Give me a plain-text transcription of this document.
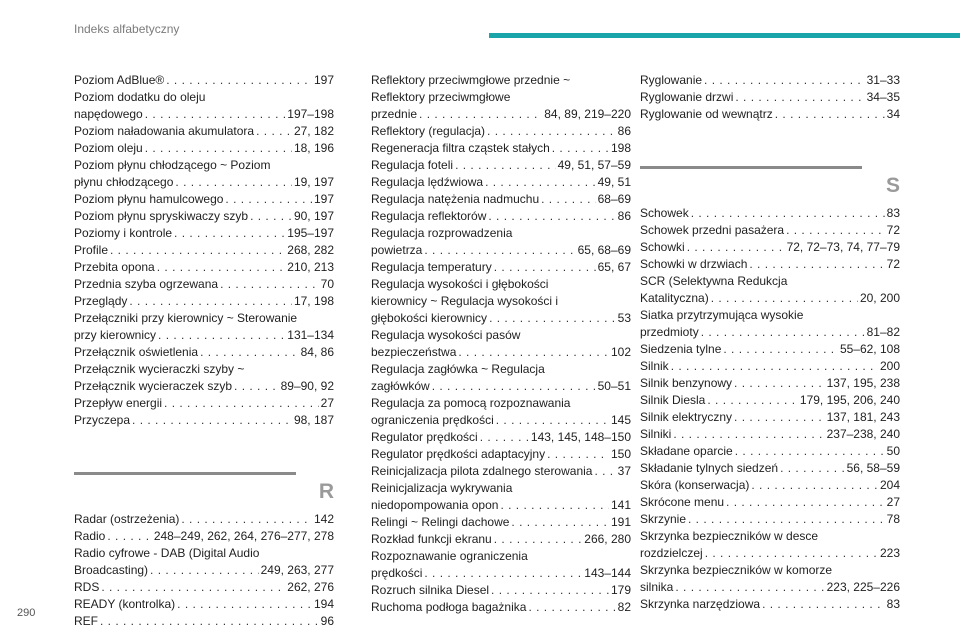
Indeks alfabetyczny
290
Poziom AdBlue® . . .	197
Poziom dodatku do oleju
napędowego . . .	197–198
Poziom naładowania akumulatora . . .	27, 182
Poziom oleju . . .	18, 196
Poziom płynu chłodzącego ~ Poziom
płynu chłodzącego . . .	19, 197
Poziom płynu hamulcowego . . .	197
Poziom płynu spryskiwaczy szyb . . .	90, 197
Poziomy i kontrole . . .	195–197
Profile . . .	268, 282
Przebita opona . . .	210, 213
Przednia szyba ogrzewana . . .	70
Przeglądy . . .	17, 198
Przełączniki przy kierownicy ~ Sterowanie
przy kierownicy . . .	131–134
Przełącznik oświetlenia . . .	84, 86
Przełącznik wycieraczki szyby ~
Przełącznik wycieraczek szyb . . .	89–90, 92
Przepływ energii . . .	27
Przyczepa . . .	98, 187
R
Radar (ostrzeżenia) . . .	142
Radio . . .	248–249, 262, 264, 276–277, 278
Radio cyfrowe - DAB (Digital Audio
Broadcasting) . . .	249, 263, 277
RDS . . .	262, 276
READY (kontrolka) . . .	194
REF . . .	96
Reflektory przeciwmgłowe przednie ~
Reflektory przeciwmgłowe
przednie . . .	84, 89, 219–220
Reflektory (regulacja) . . .	86
Regeneracja filtra cząstek stałych . . .	198
Regulacja foteli . . .	49, 51, 57–59
Regulacja lędźwiowa . . .	49, 51
Regulacja natężenia nadmuchu . . .	68–69
Regulacja reflektorów . . .	86
Regulacja rozprowadzenia
powietrza . . .	65, 68–69
Regulacja temperatury . . .	65, 67
Regulacja wysokości i głębokości
kierownicy ~ Regulacja wysokości i
głębokości kierownicy . . .	53
Regulacja wysokości pasów
bezpieczeństwa . . .	102
Regulacja zagłówka ~ Regulacja
zagłówków . . .	50–51
Regulacja za pomocą rozpoznawania
ograniczenia prędkości . . .	145
Regulator prędkości . . .	143, 145, 148–150
Regulator prędkości adaptacyjny . . .	150
Reinicjalizacja pilota zdalnego sterowania . . . 37
Reinicjalizacja wykrywania
niedopompowania opon . . .	141
Relingi ~ Relingi dachowe . . .	191
Rozkład funkcji ekranu . . .	266, 280
Rozpoznawanie ograniczenia
prędkości . . .	143–144
Rozruch silnika Diesel . . .	179
Ruchoma podłoga bagażnika . . .	82
Ryglowanie . . .	31–33
Ryglowanie drzwi . . .	34–35
Ryglowanie od wewnątrz . . .	34
S
Schowek . . .	83
Schowek przedni pasażera . . .	72
Schowki . . .	72, 72–73, 74, 77–79
Schowki w drzwiach . . .	72
SCR (Selektywna Redukcja
Katalityczna) . . .	20, 200
Siatka przytrzymująca wysokie
przedmioty . . .	81–82
Siedzenia tylne . . .	55–62, 108
Silnik . . .	200
Silnik benzynowy . . .	137, 195, 238
Silnik Diesla . . .	179, 195, 206, 240
Silnik elektryczny . . .	137, 181, 243
Silniki . . .	237–238, 240
Składane oparcie . . .	50
Składanie tylnych siedzeń . . .	56, 58–59
Skóra (konserwacja) . . .	204
Skrócone menu . . .	27
Skrzynie . . .	78
Skrzynka bezpieczników w desce
rozdzielczej . . .	223
Skrzynka bezpieczników w komorze
silnika . . .	223, 225–226
Skrzynka narzędziowa . . .	83
